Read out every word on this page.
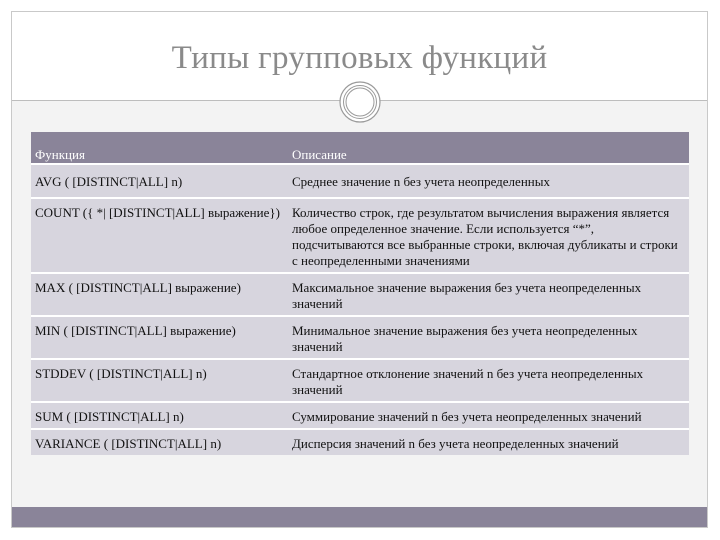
Типы групповых функций
Функция	Описание
AVG ( [DISTINCT|ALL] n)	Среднее значение n без учета неопределенных
COUNT ({ *| [DISTINCT|ALL] выражение})	Количество строк, где результатом вычисления выражения является любое определенное значение. Если используется “*”, подсчитываются все выбранные строки, включая дубликаты и строки с неопределенными значениями
MAX ( [DISTINCT|ALL] выражение)	Максимальное значение выражения без учета неопределенных значений
MIN ( [DISTINCT|ALL] выражение)	Минимальное значение выражения без учета неопределенных значений
STDDEV ( [DISTINCT|ALL] n)	Стандартное отклонение значений n без учета неопределенных значений
SUM ( [DISTINCT|ALL] n)	Суммирование значений n без учета неопределенных значений
VARIANCE ( [DISTINCT|ALL] n)	Дисперсия значений n без учета неопределенных значений
